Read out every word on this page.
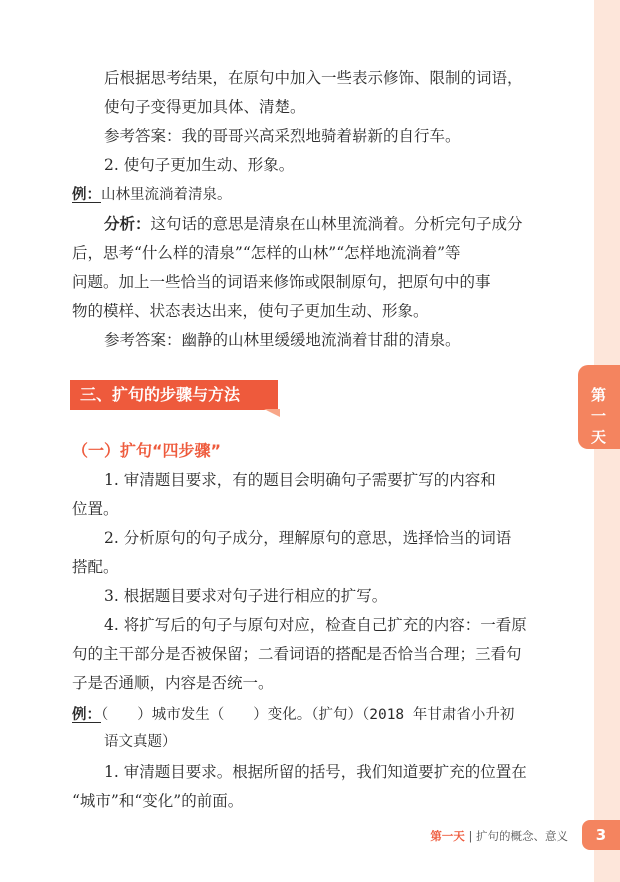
第
一
天
后根据思考结果，在原句中加入一些表示修饰、限制的词语，
使句子变得更加具体、清楚。
参考答案：我的哥哥兴高采烈地骑着崭新的自行车。
2. 使句子更加生动、形象。
例：山林里流淌着清泉。
分析：这句话的意思是清泉在山林里流淌着。分析完句子成分
后，思考“什么样的清泉”“怎样的山林”“怎样地流淌着”等
问题。加上一些恰当的词语来修饰或限制原句，把原句中的事
物的模样、状态表达出来，使句子更加生动、形象。
参考答案：幽静的山林里缓缓地流淌着甘甜的清泉。
三、扩句的步骤与方法
（一）扩句“四步骤”
1. 审清题目要求，有的题目会明确句子需要扩写的内容和
位置。
2. 分析原句的句子成分，理解原句的意思，选择恰当的词语
搭配。
3. 根据题目要求对句子进行相应的扩写。
4. 将扩写后的句子与原句对应，检查自己扩充的内容：一看原
句的主干部分是否被保留；二看词语的搭配是否恰当合理；三看句
子是否通顺，内容是否统一。
例：（　　）城市发生（　　）变化。（扩句）（2018 年甘肃省小升初
语文真题）
1. 审清题目要求。根据所留的括号，我们知道要扩充的位置在
“城市”和“变化”的前面。
第一天 | 扩句的概念、意义	3
